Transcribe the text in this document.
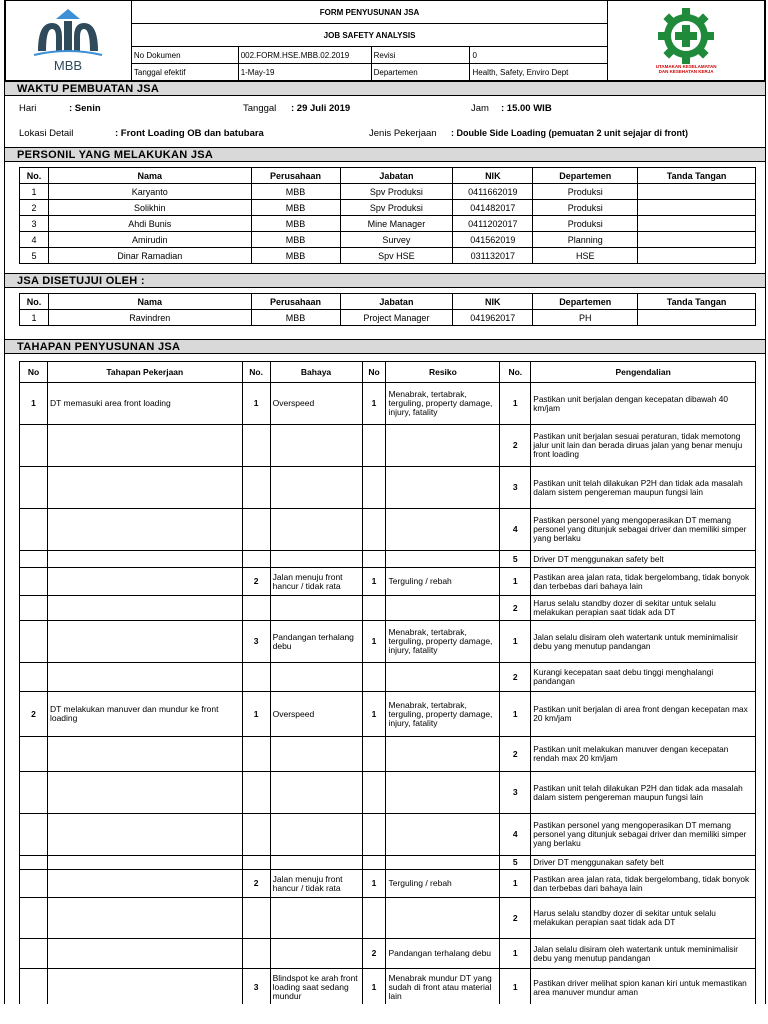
MBB	FORM PENYUSUNAN JSA				UTAMAKAN KESELAMATAN
DAN KESEHATAN KERJA

	JOB SAFETY ANALYSIS				
	No Dokumen	002.FORM.HSE.MBB.02.2019	Revisi	0	
	Tanggal efektif	1-May-19	Departemen	Health, Safety, Enviro Dept	
WAKTU PEMBUATAN JSA
Hari	: Senin	Tanggal : 29 Juli 2019	Jam : 15.00 WIB
Lokasi Detail	: Front Loading OB dan batubara	Jenis Pekerjaan : Double Side Loading (pemuatan 2 unit sejajar di front)
PERSONIL YANG MELAKUKAN JSA
No.	Nama	Perusahaan	Jabatan	NIK	Departemen	Tanda Tangan
1	Karyanto	MBB	Spv Produksi	0411662019	Produksi	
2	Solikhin	MBB	Spv Produksi	041482017	Produksi	
3	Ahdi Bunis	MBB	Mine Manager	0411202017	Produksi	
4	Amirudin	MBB	Survey	041562019	Planning	
5	Dinar Ramadian	MBB	Spv HSE	031132017	HSE	
JSA DISETUJUI OLEH :
No.	Nama	Perusahaan	Jabatan	NIK	Departemen	Tanda Tangan
1	Ravindren	MBB	Project Manager	041962017	PH	
TAHAPAN PENYUSUNAN JSA
No	Tahapan Pekerjaan	No.	Bahaya	No	Resiko	No.	Pengendalian
1	DT memasuki area front loading	1	Overspeed	1	Menabrak, tertabrak, terguling, property damage, injury, fatality	1	Pastikan unit berjalan dengan kecepatan dibawah 40 km/jam
						2	Pastikan unit berjalan sesuai peraturan, tidak memotong jalur unit lain dan berada diruas jalan yang benar menuju front loading
						3	Pastikan unit telah dilakukan P2H dan tidak ada masalah dalam sistem pengereman maupun fungsi lain
						4	Pastikan personel yang mengoperasikan DT memang personel yang ditunjuk sebagai driver dan memiliki simper yang berlaku
						5	Driver DT menggunakan safety belt
		2	Jalan menuju front hancur / tidak rata	1	Terguling / rebah	1	Pastikan area jalan rata, tidak bergelombang, tidak bonyok dan terbebas dari bahaya lain
						2	Harus selalu standby dozer di sekitar untuk selalu melakukan perapian saat tidak ada DT
		3	Pandangan terhalang debu	1	Menabrak, tertabrak, terguling, property damage, injury, fatality	1	Jalan selalu disiram oleh watertank untuk meminimalisir debu yang menutup pandangan
						2	Kurangi kecepatan saat debu tinggi menghalangi pandangan
2	DT melakukan manuver dan mundur ke front loading	1	Overspeed	1	Menabrak, tertabrak, terguling, property damage, injury, fatality	1	Pastikan unit berjalan di area front dengan kecepatan max 20 km/jam
						2	Pastikan unit melakukan manuver dengan kecepatan rendah max 20 km/jam
						3	Pastikan unit telah dilakukan P2H dan tidak ada masalah dalam sistem pengereman maupun fungsi lain
						4	Pastikan personel yang mengoperasikan DT memang personel yang ditunjuk sebagai driver dan memiliki simper yang berlaku
						5	Driver DT menggunakan safety belt
		2	Jalan menuju front hancur / tidak rata	1	Terguling / rebah	1	Pastikan area jalan rata, tidak bergelombang, tidak bonyok dan terbebas dari bahaya lain
						2	Harus selalu standby dozer di sekitar untuk selalu melakukan perapian saat tidak ada DT
				2	Pandangan terhalang debu	1	Jalan selalu disiram oleh watertank untuk meminimalisir debu yang menutup pandangan
		3	Blindspot ke arah front loading saat sedang mundur	1	Menabrak mundur DT yang sudah di front atau material lain	1	Pastikan driver melihat spion kanan kiri untuk memastikan area manuver mundur aman
